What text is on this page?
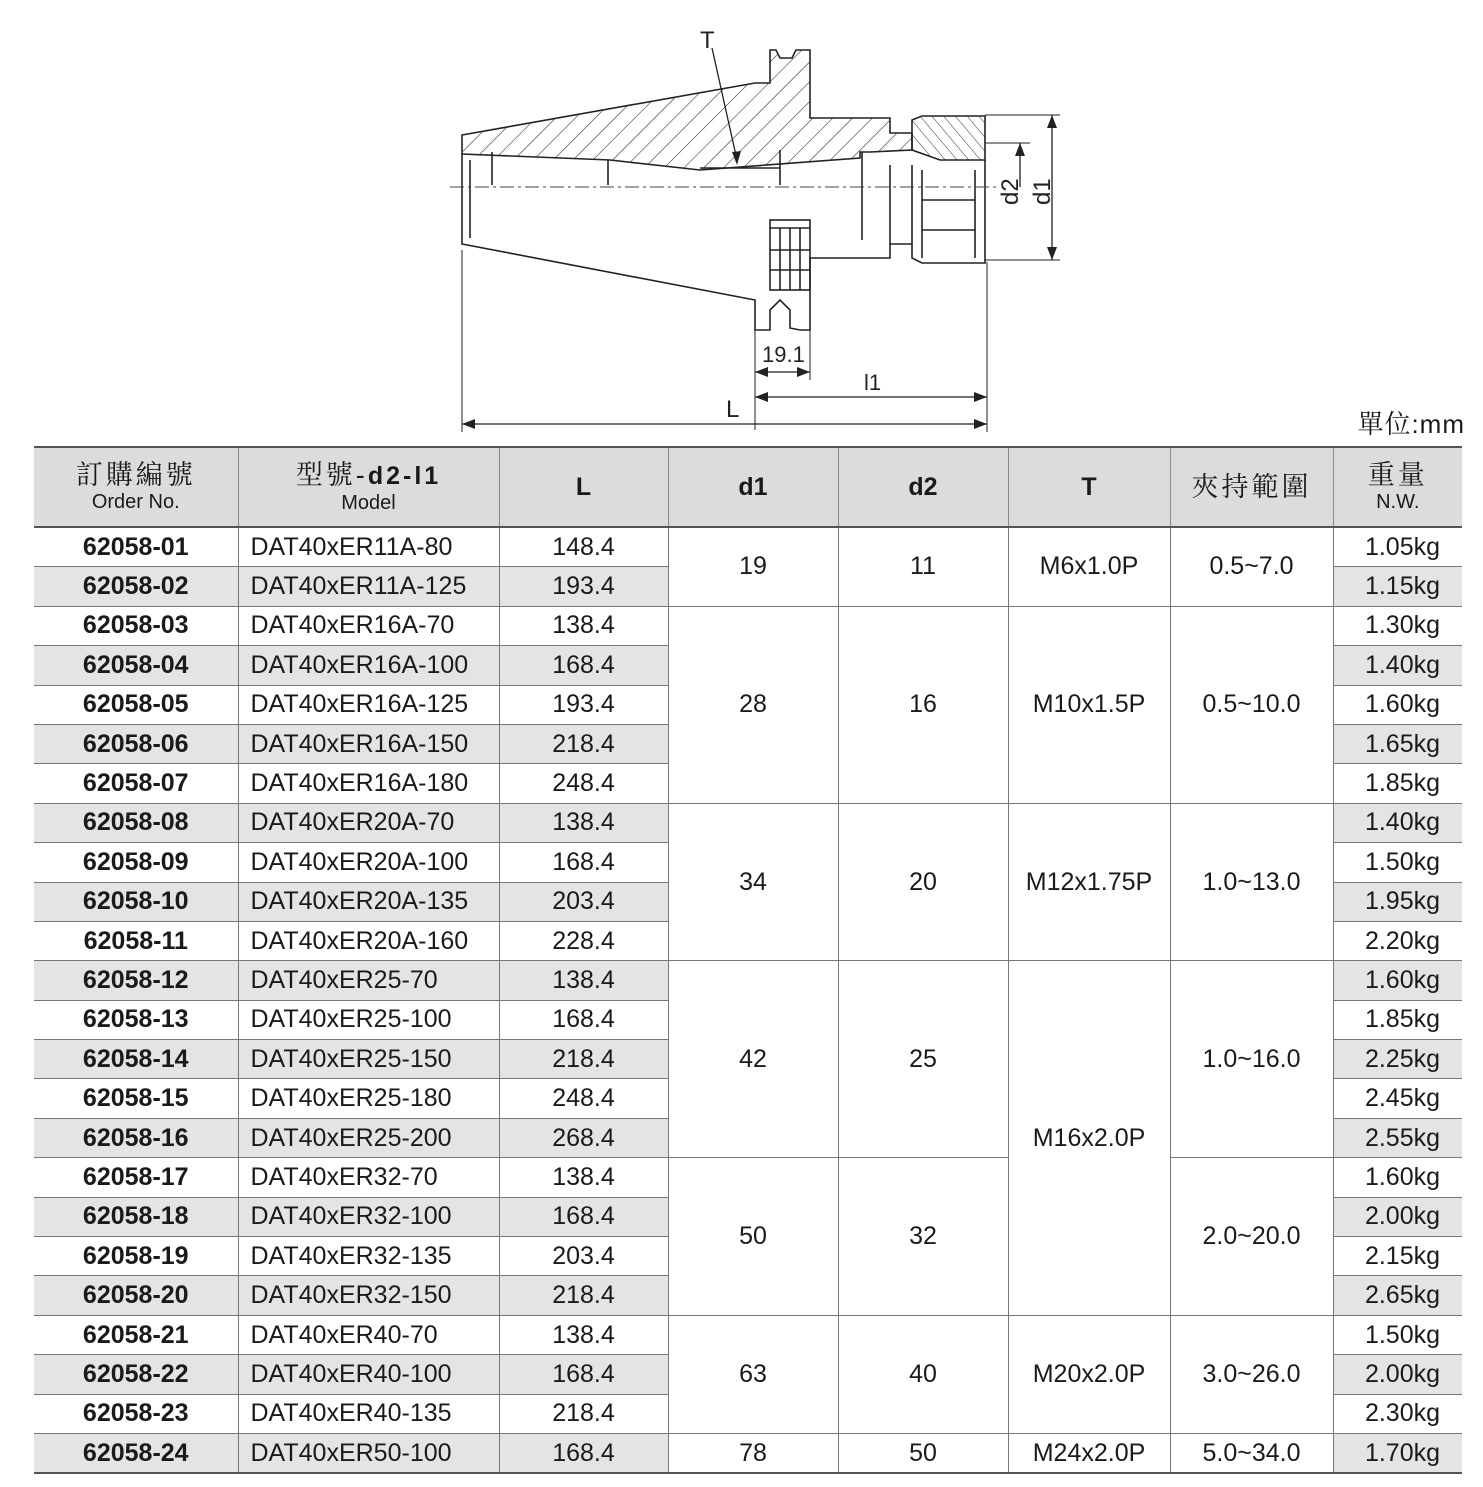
T
d2 d1
19.1
l1
L	單位:mm
訂購編號
Order No.	型號-d2-l1
Model	L	d1	d2	T	夾持範圍	重量
N.W.

62058-01	DAT40xER11A-80	148.4	19	11	M6x1.0P	0.5~7.0	1.05kg
62058-02	DAT40xER11A-125	193.4					1.15kg
62058-03	DAT40xER16A-70	138.4	28	16	M10x1.5P	0.5~10.0	1.30kg
62058-04	DAT40xER16A-100	168.4					1.40kg
62058-05	DAT40xER16A-125	193.4					1.60kg
62058-06	DAT40xER16A-150	218.4					1.65kg
62058-07	DAT40xER16A-180	248.4					1.85kg
62058-08	DAT40xER20A-70	138.4	34	20	M12x1.75P	1.0~13.0	1.40kg
62058-09	DAT40xER20A-100	168.4					1.50kg
62058-10	DAT40xER20A-135	203.4					1.95kg
62058-11	DAT40xER20A-160	228.4					2.20kg
62058-12	DAT40xER25-70	138.4	42	25	M16x2.0P	1.0~16.0	1.60kg
62058-13	DAT40xER25-100	168.4					1.85kg
62058-14	DAT40xER25-150	218.4					2.25kg
62058-15	DAT40xER25-180	248.4					2.45kg
62058-16	DAT40xER25-200	268.4					2.55kg
62058-17	DAT40xER32-70	138.4	50	32		2.0~20.0	1.60kg
62058-18	DAT40xER32-100	168.4					2.00kg
62058-19	DAT40xER32-135	203.4					2.15kg
62058-20	DAT40xER32-150	218.4					2.65kg
62058-21	DAT40xER40-70	138.4	63	40	M20x2.0P	3.0~26.0	1.50kg
62058-22	DAT40xER40-100	168.4					2.00kg
62058-23	DAT40xER40-135	218.4					2.30kg
62058-24	DAT40xER50-100	168.4	78	50	M24x2.0P	5.0~34.0	1.70kg
